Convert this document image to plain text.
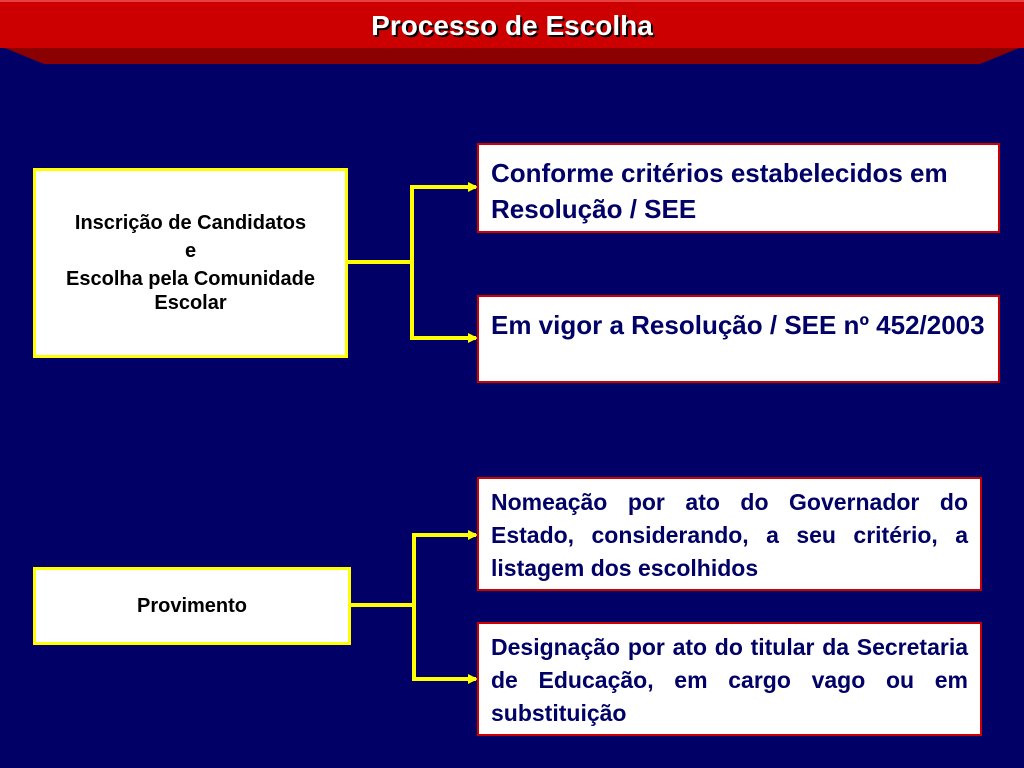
Processo de Escolha
Inscrição de Candidatos
e
Escolha pela Comunidade Escolar
Provimento
Conforme critérios estabelecidos em Resolução / SEE
Em vigor a Resolução / SEE nº 452/2003
Nomeação por ato do Governador do Estado, considerando, a seu critério, a listagem dos escolhidos
Designação por ato do titular da Secretaria de Educação, em cargo vago ou em substituição
